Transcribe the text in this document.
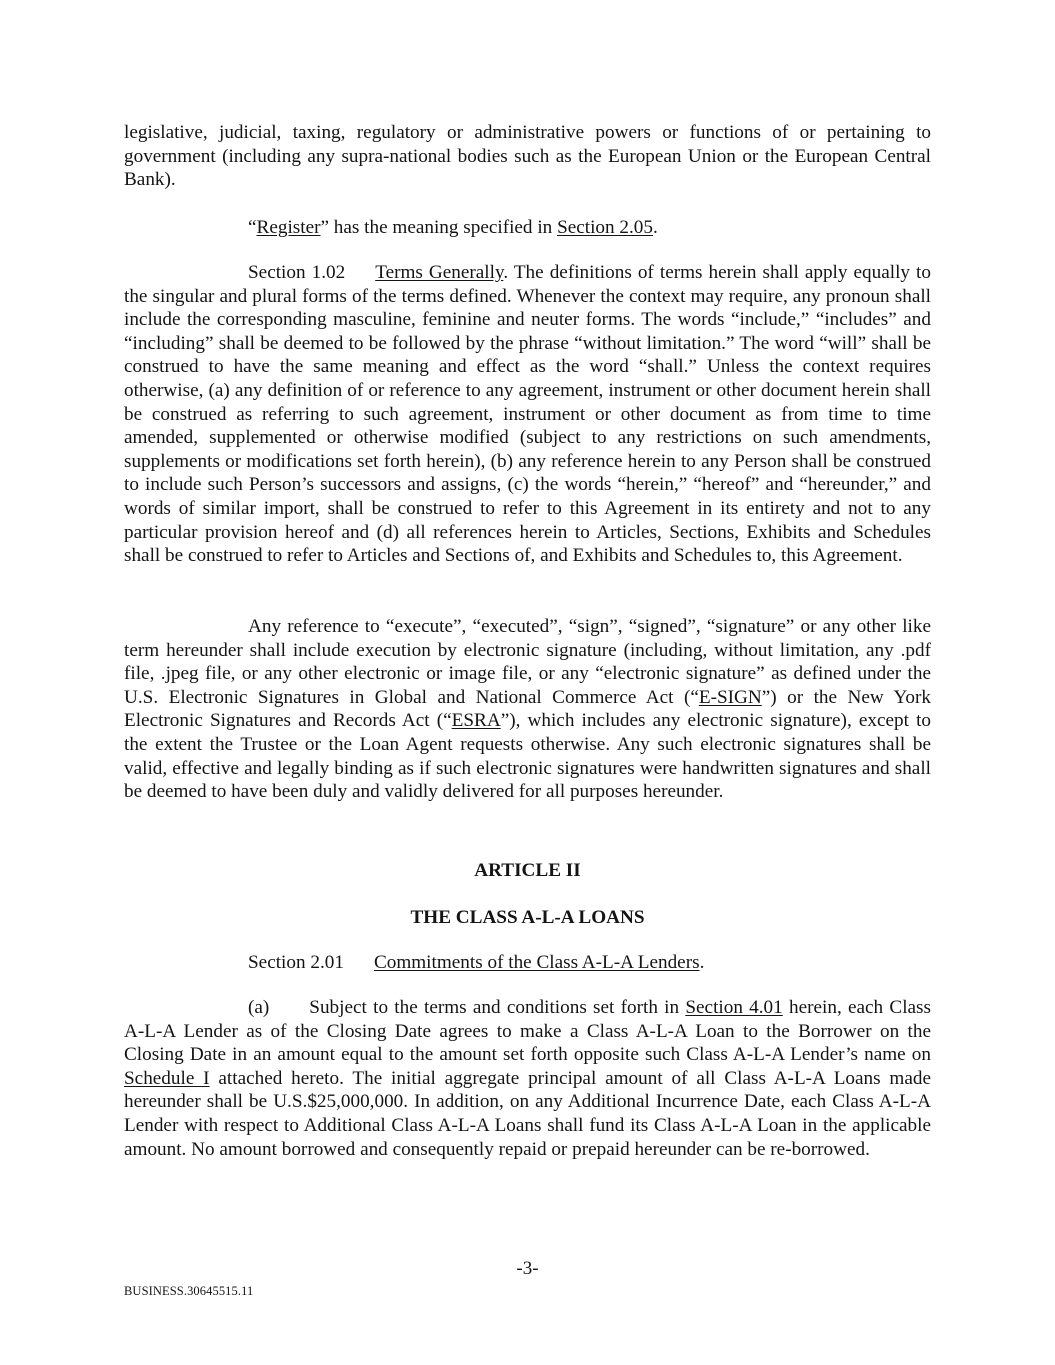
legislative, judicial, taxing, regulatory or administrative powers or functions of or pertaining to government (including any supra-national bodies such as the European Union or the European Central Bank).

“Register” has the meaning specified in Section 2.05.

Section 1.02 Terms Generally. The definitions of terms herein shall apply equally to the singular and plural forms of the terms defined. Whenever the context may require, any pronoun shall include the corresponding masculine, feminine and neuter forms. The words “include,” “includes” and “including” shall be deemed to be followed by the phrase “without limitation.” The word “will” shall be construed to have the same meaning and effect as the word “shall.” Unless the context requires otherwise, (a) any definition of or reference to any agreement, instrument or other document herein shall be construed as referring to such agreement, instrument or other document as from time to time amended, supplemented or otherwise modified (subject to any restrictions on such amendments, supplements or modifications set forth herein), (b) any reference herein to any Person shall be construed to include such Person’s successors and assigns, (c) the words “herein,” “hereof” and “hereunder,” and words of similar import, shall be construed to refer to this Agreement in its entirety and not to any particular provision hereof and (d) all references herein to Articles, Sections, Exhibits and Schedules shall be construed to refer to Articles and Sections of, and Exhibits and Schedules to, this Agreement.

Any reference to “execute”, “executed”, “sign”, “signed”, “signature” or any other like term hereunder shall include execution by electronic signature (including, without limitation, any .pdf file, .jpeg file, or any other electronic or image file, or any “electronic signature” as defined under the U.S. Electronic Signatures in Global and National Commerce Act (“E-SIGN”) or the New York Electronic Signatures and Records Act (“ESRA”), which includes any electronic signature), except to the extent the Trustee or the Loan Agent requests otherwise. Any such electronic signatures shall be valid, effective and legally binding as if such electronic signatures were handwritten signatures and shall be deemed to have been duly and validly delivered for all purposes hereunder.

ARTICLE II
THE CLASS A-L-A LOANS

Section 2.01 Commitments of the Class A-L-A Lenders.

(a) Subject to the terms and conditions set forth in Section 4.01 herein, each Class A-L-A Lender as of the Closing Date agrees to make a Class A-L-A Loan to the Borrower on the Closing Date in an amount equal to the amount set forth opposite such Class A-L-A Lender’s name on Schedule I attached hereto. The initial aggregate principal amount of all Class A-L-A Loans made hereunder shall be U.S.$25,000,000. In addition, on any Additional Incurrence Date, each Class A-L-A Lender with respect to Additional Class A-L-A Loans shall fund its Class A-L-A Loan in the applicable amount. No amount borrowed and consequently repaid or prepaid hereunder can be re-borrowed.

-3-
BUSINESS.30645515.11
